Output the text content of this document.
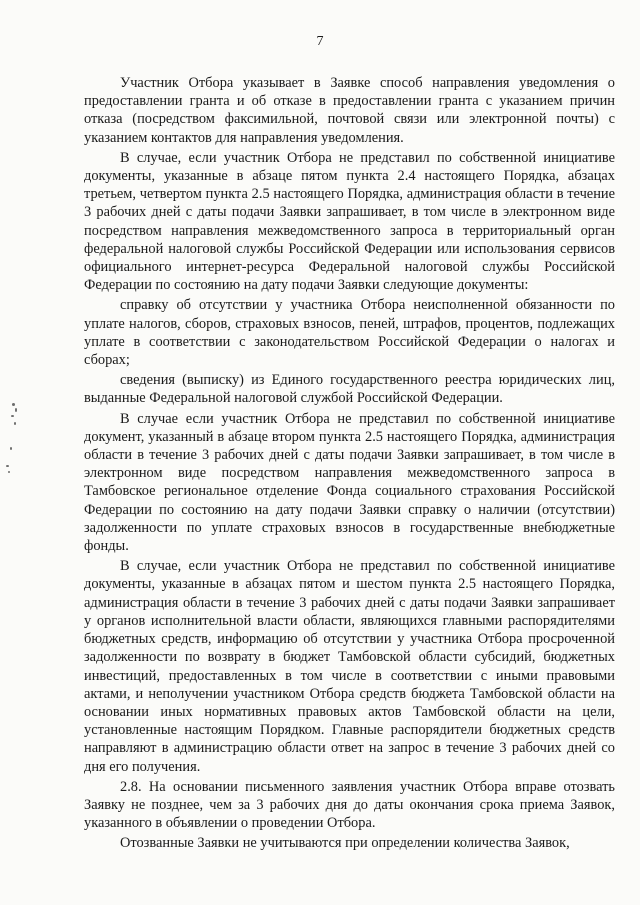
7

Участник Отбора указывает в Заявке способ направления уведомления о предоставлении гранта и об отказе в предоставлении гранта с указанием причин отказа (посредством факсимильной, почтовой связи или электронной почты) с указанием контактов для направления уведомления.

В случае, если участник Отбора не представил по собственной инициативе документы, указанные в абзаце пятом пункта 2.4 настоящего Порядка, абзацах третьем, четвертом пункта 2.5 настоящего Порядка, администрация области в течение 3 рабочих дней с даты подачи Заявки запрашивает, в том числе в электронном виде посредством направления межведомственного запроса в территориальный орган федеральной налоговой службы Российской Федерации или использования сервисов официального интернет-ресурса Федеральной налоговой службы Российской Федерации по состоянию на дату подачи Заявки следующие документы:

справку об отсутствии у участника Отбора неисполненной обязанности по уплате налогов, сборов, страховых взносов, пеней, штрафов, процентов, подлежащих уплате в соответствии с законодательством Российской Федерации о налогах и сборах;

сведения (выписку) из Единого государственного реестра юридических лиц, выданные Федеральной налоговой службой Российской Федерации.

В случае если участник Отбора не представил по собственной инициативе документ, указанный в абзаце втором пункта 2.5 настоящего Порядка, администрация области в течение 3 рабочих дней с даты подачи Заявки запрашивает, в том числе в электронном виде посредством направления межведомственного запроса в Тамбовское региональное отделение Фонда социального страхования Российской Федерации по состоянию на дату подачи Заявки справку о наличии (отсутствии) задолженности по уплате страховых взносов в государственные внебюджетные фонды.

В случае, если участник Отбора не представил по собственной инициативе документы, указанные в абзацах пятом и шестом пункта 2.5 настоящего Порядка, администрация области в течение 3 рабочих дней с даты подачи Заявки запрашивает у органов исполнительной власти области, являющихся главными распорядителями бюджетных средств, информацию об отсутствии у участника Отбора просроченной задолженности по возврату в бюджет Тамбовской области субсидий, бюджетных инвестиций, предоставленных в том числе в соответствии с иными правовыми актами, и неполучении участником Отбора средств бюджета Тамбовской области на основании иных нормативных правовых актов Тамбовской области на цели, установленные настоящим Порядком. Главные распорядители бюджетных средств направляют в администрацию области ответ на запрос в течение 3 рабочих дней со дня его получения.

2.8. На основании письменного заявления участник Отбора вправе отозвать Заявку не позднее, чем за 3 рабочих дня до даты окончания срока приема Заявок, указанного в объявлении о проведении Отбора.

Отозванные Заявки не учитываются при определении количества Заявок,
